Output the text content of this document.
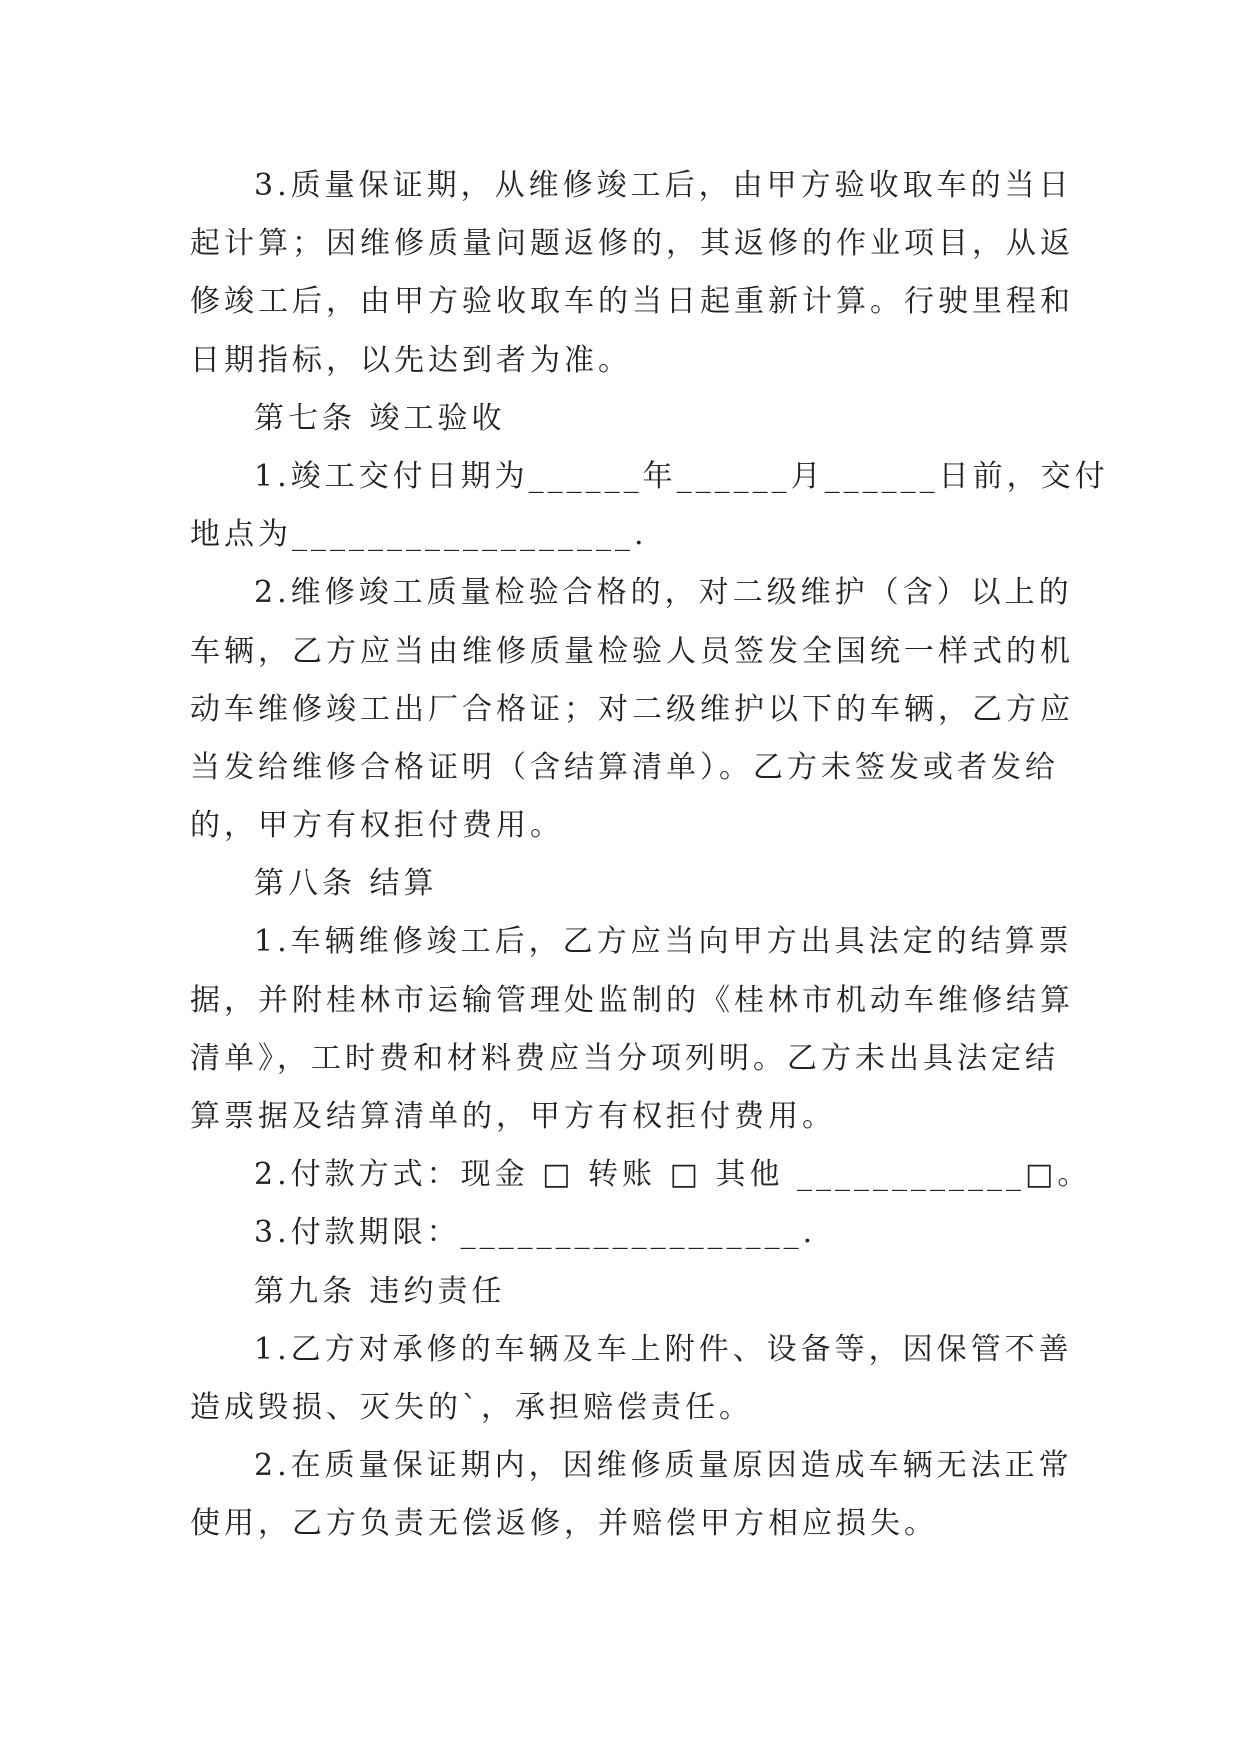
3.质量保证期，从维修竣工后，由甲方验收取车的当日
起计算；因维修质量问题返修的，其返修的作业项目，从返
修竣工后，由甲方验收取车的当日起重新计算。行驶里程和
日期指标，以先达到者为准。
第七条 竣工验收
1.竣工交付日期为______年______月______日前，交付
地点为__________________.
2.维修竣工质量检验合格的，对二级维护（含）以上的
车辆，乙方应当由维修质量检验人员签发全国统一样式的机
动车维修竣工出厂合格证；对二级维护以下的车辆，乙方应
当发给维修合格证明（含结算清单）。乙方未签发或者发给
的，甲方有权拒付费用。
第八条 结算
1.车辆维修竣工后，乙方应当向甲方出具法定的结算票
据，并附桂林市运输管理处监制的《桂林市机动车维修结算
清单》，工时费和材料费应当分项列明。乙方未出具法定结
算票据及结算清单的，甲方有权拒付费用。
2.付款方式：现金 □ 转账 □ 其他 ____________□。
3.付款期限：__________________.
第九条 违约责任
1.乙方对承修的车辆及车上附件、设备等，因保管不善
造成毁损、灭失的`，承担赔偿责任。
2.在质量保证期内，因维修质量原因造成车辆无法正常
使用，乙方负责无偿返修，并赔偿甲方相应损失。
